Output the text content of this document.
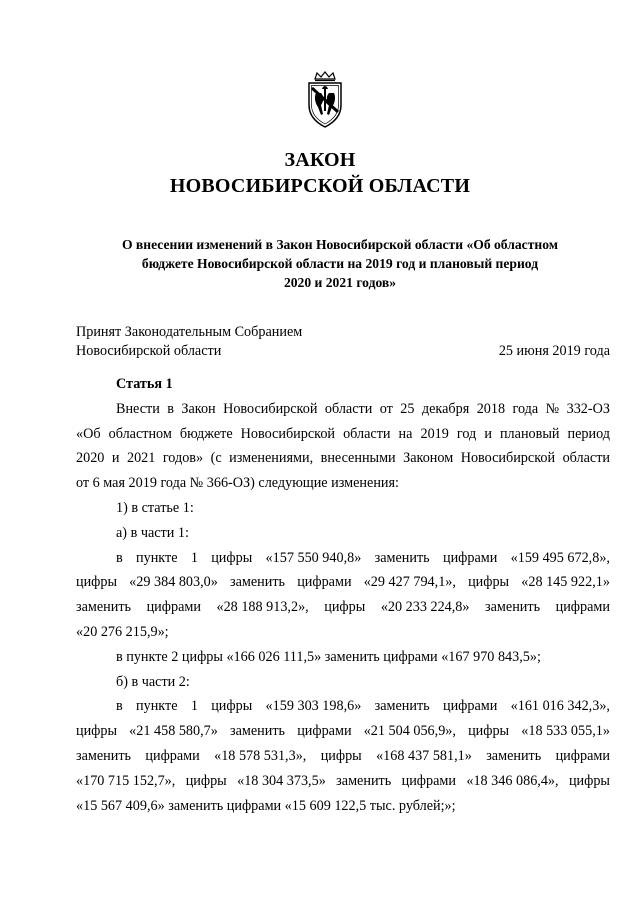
ЗАКОН
НОВОСИБИРСКОЙ ОБЛАСТИ
О внесении изменений в Закон Новосибирской области «Об областном
бюджете Новосибирской области на 2019 год и плановый период
2020 и 2021 годов»
Принят Законодательным Собранием
Новосибирской области	25 июня 2019 года

Статья 1

Внести в Закон Новосибирской области от 25 декабря 2018 года № 332-ОЗ

«Об областном бюджете Новосибирской области на 2019 год и плановый период

2020 и 2021 годов» (с изменениями, внесенными Законом Новосибирской области

от 6 мая 2019 года № 366-ОЗ) следующие изменения:

1) в статье 1:

а) в части 1:

в пункте 1 цифры «157 550 940,8» заменить цифрами «159 495 672,8»,

цифры «29 384 803,0» заменить цифрами «29 427 794,1», цифры «28 145 922,1»

заменить цифрами «28 188 913,2», цифры «20 233 224,8» заменить цифрами

«20 276 215,9»;

в пункте 2 цифры «166 026 111,5» заменить цифрами «167 970 843,5»;

б) в части 2:

в пункте 1 цифры «159 303 198,6» заменить цифрами «161 016 342,3»,

цифры «21 458 580,7» заменить цифрами «21 504 056,9», цифры «18 533 055,1»

заменить цифрами «18 578 531,3», цифры «168 437 581,1» заменить цифрами

«170 715 152,7», цифры «18 304 373,5» заменить цифрами «18 346 086,4», цифры

«15 567 409,6» заменить цифрами «15 609 122,5 тыс. рублей;»;
